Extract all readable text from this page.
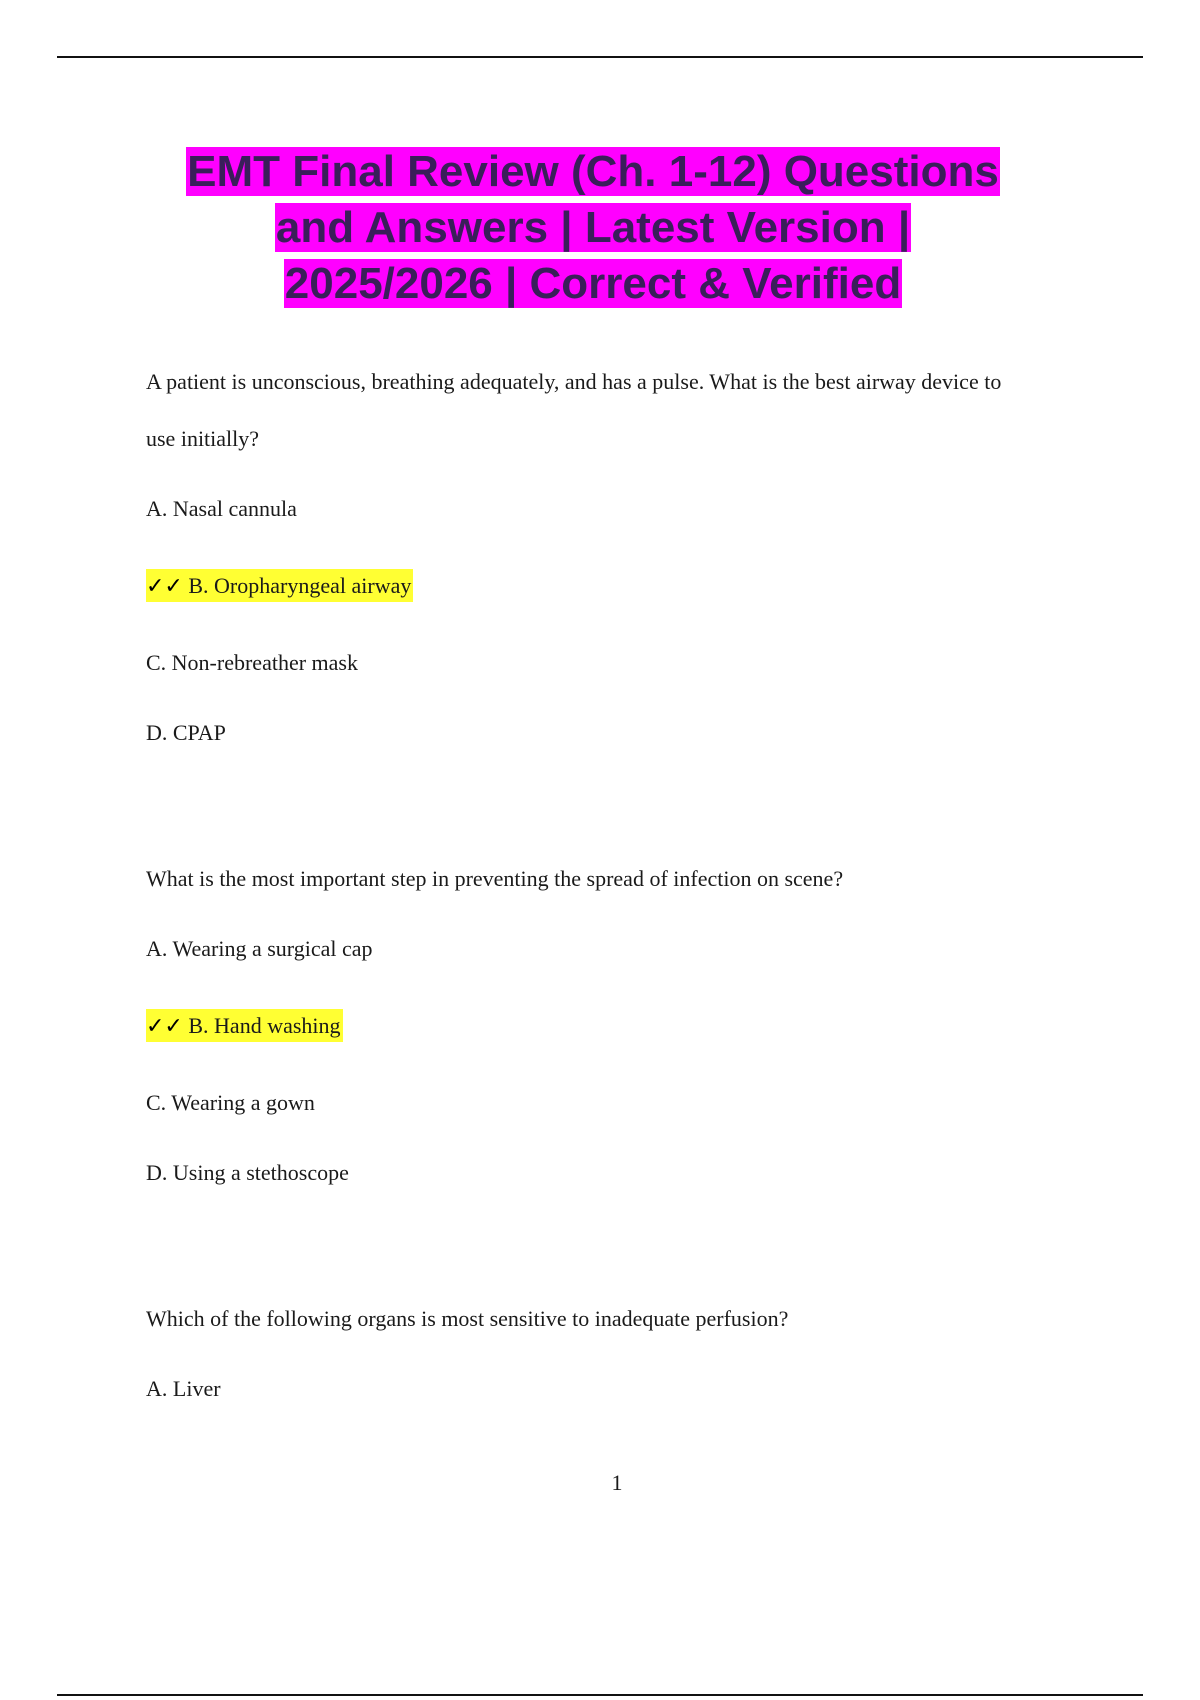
EMT Final Review (Ch. 1-12) Questions
and Answers | Latest Version |
2025/2026 | Correct & Verified
A patient is unconscious, breathing adequately, and has a pulse. What is the best airway device to
use initially?
A. Nasal cannula
✓✓ B. Oropharyngeal airway
C. Non-rebreather mask
D. CPAP
What is the most important step in preventing the spread of infection on scene?
A. Wearing a surgical cap
✓✓ B. Hand washing
C. Wearing a gown
D. Using a stethoscope
Which of the following organs is most sensitive to inadequate perfusion?
A. Liver
1
